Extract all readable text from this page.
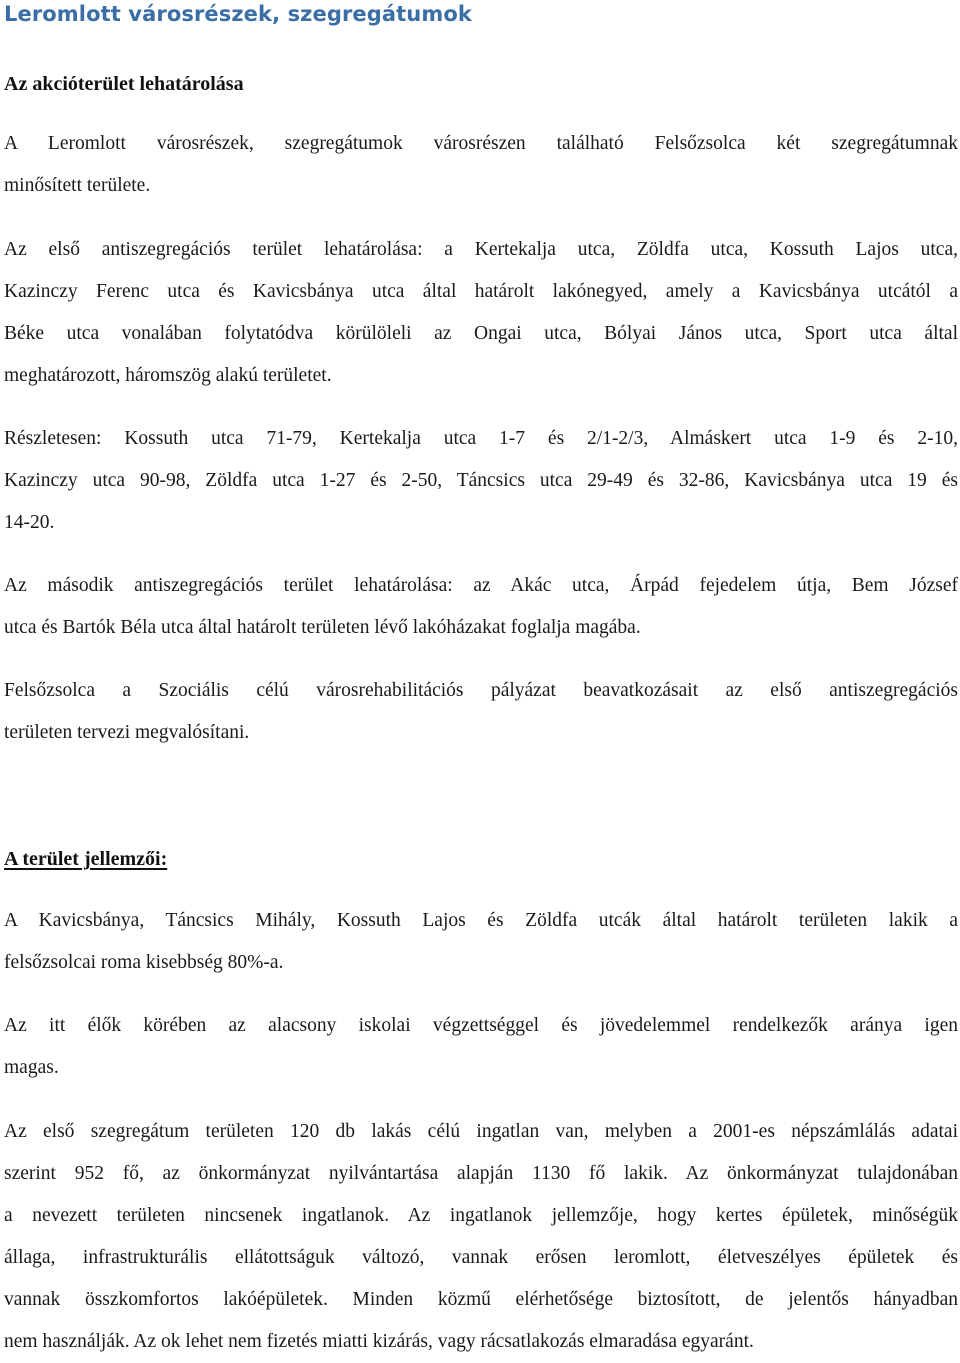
Leromlott városrészek, szegregátumok
Az akcióterület lehatárolása

A Leromlott városrészek, szegregátumok városrészen található Felsőzsolca két szegregátumnak
minősített területe.

Az első antiszegregációs terület lehatárolása: a Kertekalja utca, Zöldfa utca, Kossuth Lajos utca,
Kazinczy Ferenc utca és Kavicsbánya utca által határolt lakónegyed, amely a Kavicsbánya utcától a
Béke utca vonalában folytatódva körülöleli az Ongai utca, Bólyai János utca, Sport utca által
meghatározott, háromszög alakú területet.

Részletesen: Kossuth utca 71-79, Kertekalja utca 1-7 és 2/1-2/3, Almáskert utca 1-9 és 2-10,
Kazinczy utca 90-98, Zöldfa utca 1-27 és 2-50, Táncsics utca 29-49 és 32-86, Kavicsbánya utca 19 és
14-20.

Az második antiszegregációs terület lehatárolása: az Akác utca, Árpád fejedelem útja, Bem József
utca és Bartók Béla utca által határolt területen lévő lakóházakat foglalja magába.

Felsőzsolca a Szociális célú városrehabilitációs pályázat beavatkozásait az első antiszegregációs
területen tervezi megvalósítani.

A terület jellemzői:

A Kavicsbánya, Táncsics Mihály, Kossuth Lajos és Zöldfa utcák által határolt területen lakik a
felsőzsolcai roma kisebbség 80%-a.

Az itt élők körében az alacsony iskolai végzettséggel és jövedelemmel rendelkezők aránya igen
magas.

Az első szegregátum területen 120 db lakás célú ingatlan van, melyben a 2001-es népszámlálás adatai
szerint 952 fő, az önkormányzat nyilvántartása alapján 1130 fő lakik. Az önkormányzat tulajdonában
a nevezett területen nincsenek ingatlanok. Az ingatlanok jellemzője, hogy kertes épületek, minőségük
állaga, infrastrukturális ellátottságuk változó, vannak erősen leromlott, életveszélyes épületek és
vannak összkomfortos lakóépületek. Minden közmű elérhetősége biztosított, de jelentős hányadban
nem használják. Az ok lehet nem fizetés miatti kizárás, vagy rácsatlakozás elmaradása egyaránt.
